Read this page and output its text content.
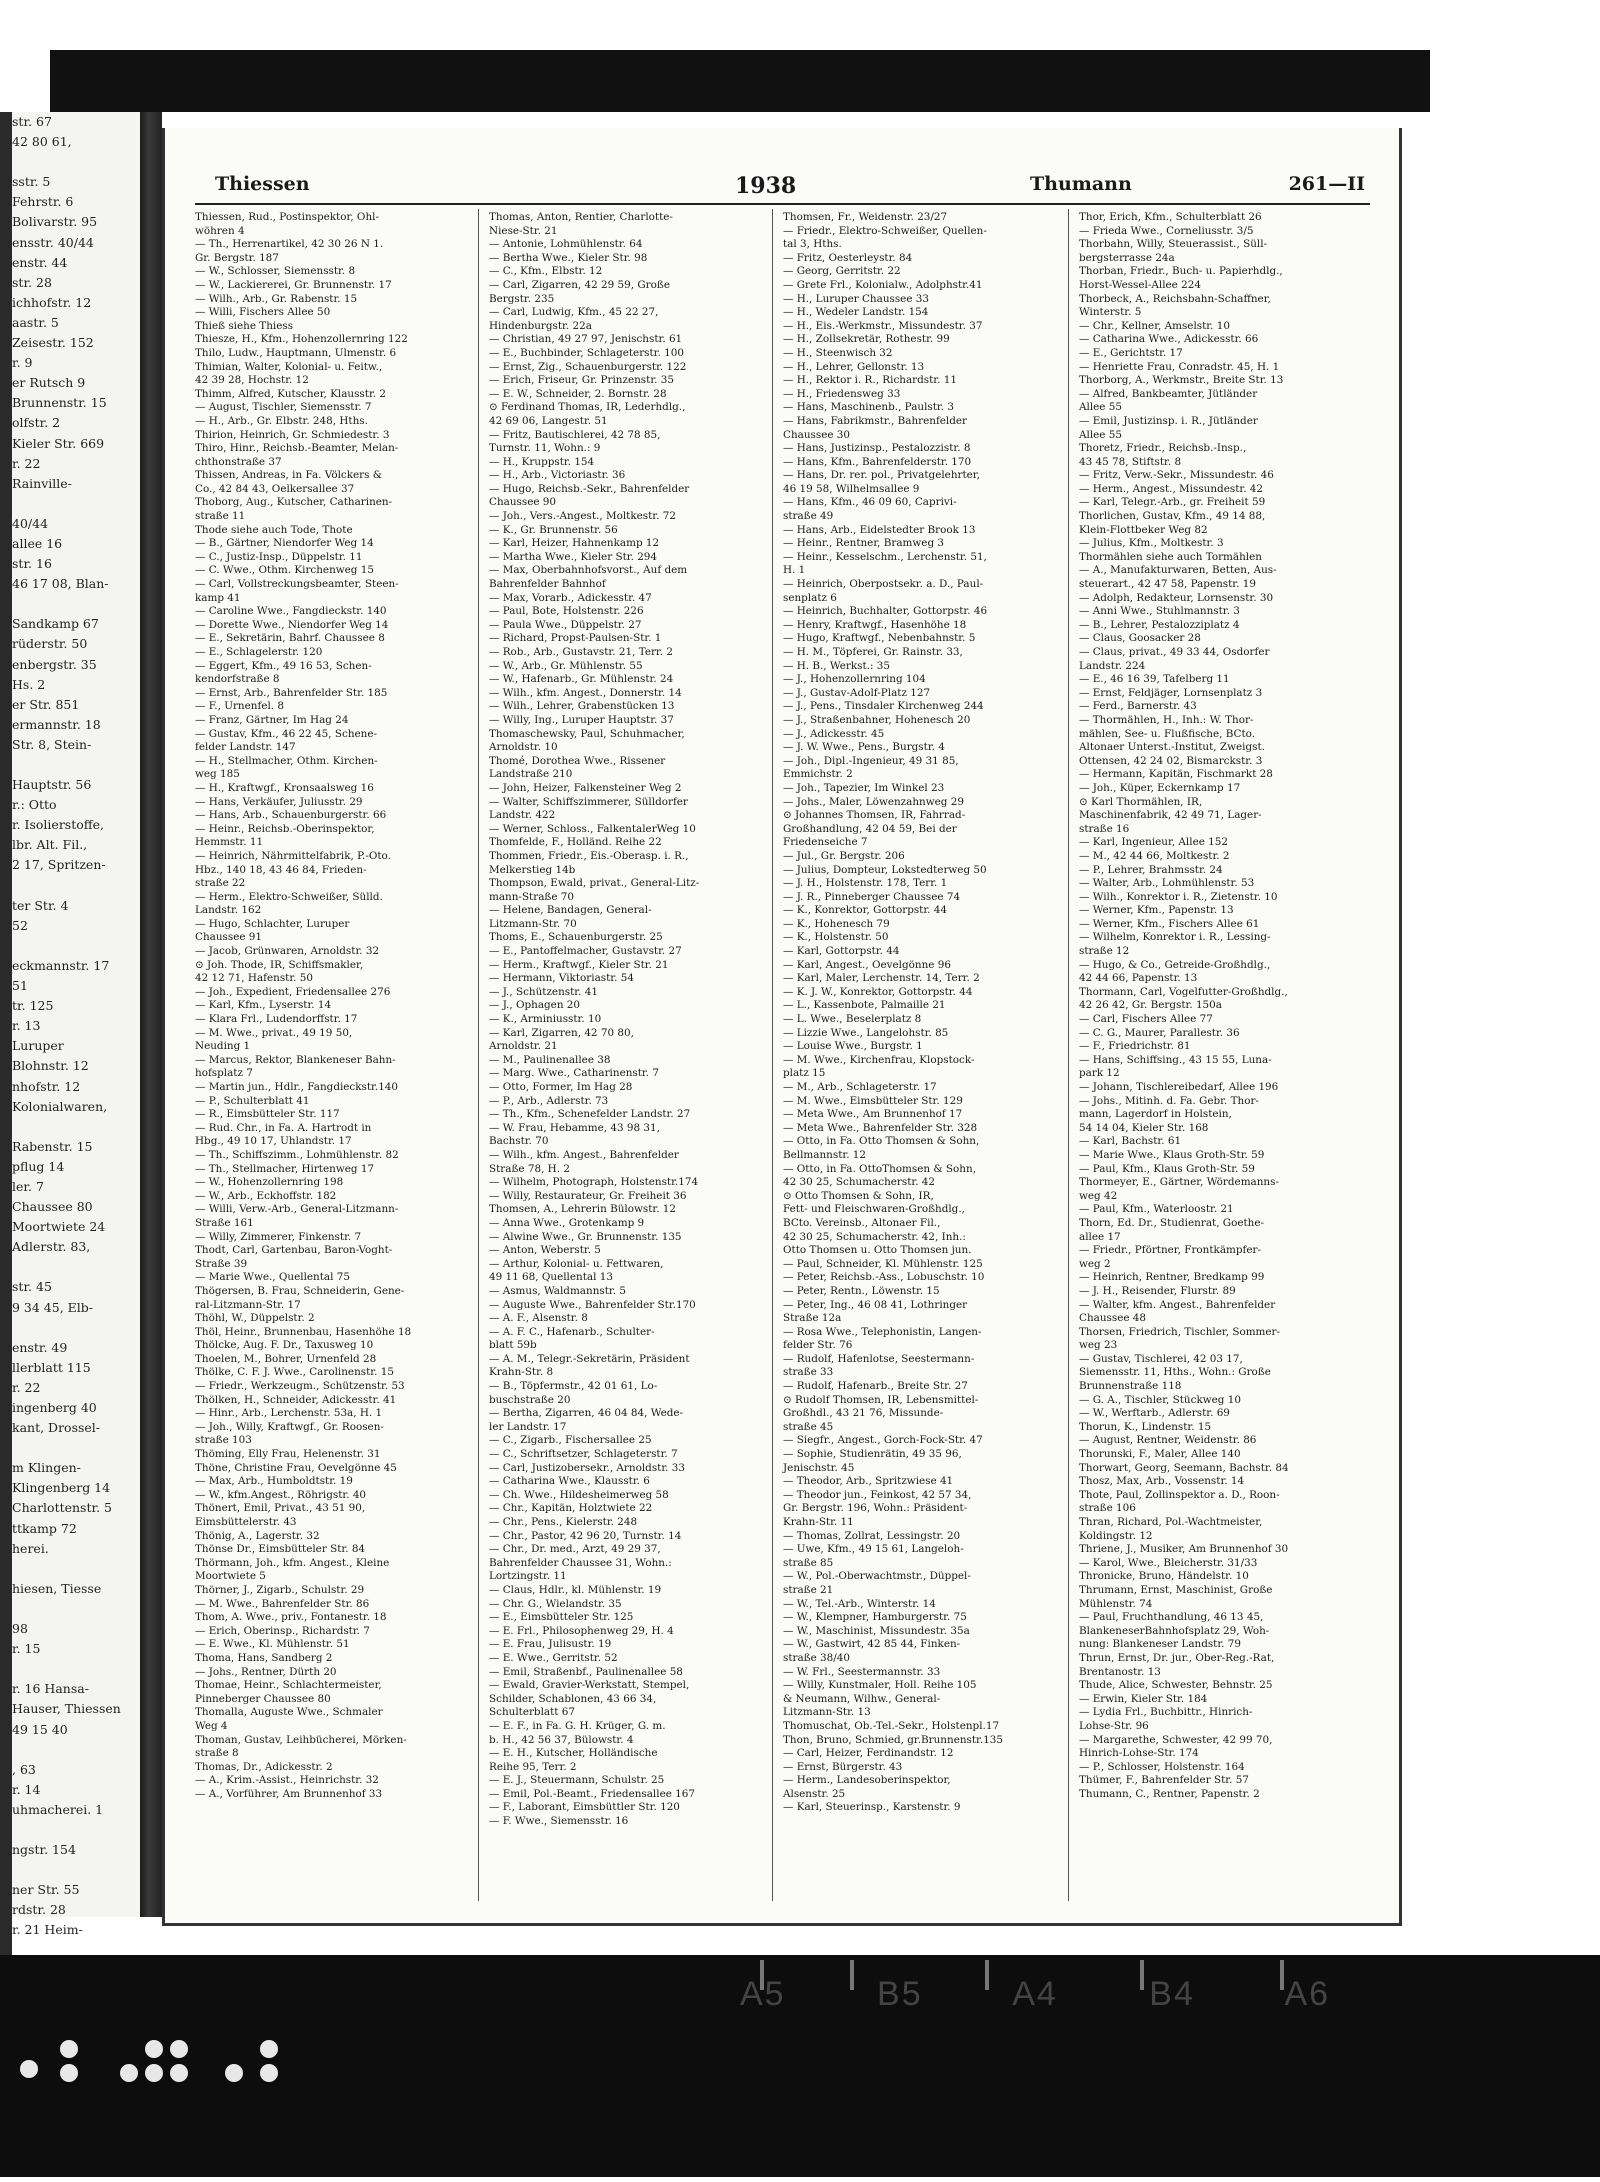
str. 67
42 80 61,

sstr. 5
Fehrstr. 6
Bolivarstr. 95
ensstr. 40/44
enstr. 44
str. 28
ichhofstr. 12
aastr. 5
Zeisestr. 152
r. 9
er Rutsch 9
Brunnenstr. 15
olfstr. 2
Kieler Str. 669
r. 22
Rainville-

40/44
allee 16
str. 16
46 17 08, Blan-

Sandkamp 67
rüderstr. 50
enbergstr. 35
Hs. 2
er Str. 851
ermannstr. 18
Str. 8, Stein-

Hauptstr. 56
r.: Otto
r. Isolierstoffe,
lbr. Alt. Fil.,
2 17, Spritzen-

ter Str. 4
52

eckmannstr. 17
51
tr. 125
r. 13
Luruper
Blohnstr. 12
nhofstr. 12
Kolonialwaren,

Rabenstr. 15
pflug 14
ler. 7
Chaussee 80
Moortwiete 24
Adlerstr. 83,

str. 45
9 34 45, Elb-

enstr. 49
llerblatt 115
r. 22
ingenberg 40
kant, Drossel-

m Klingen-
Klingenberg 14
Charlottenstr. 5
ttkamp 72
herei.

hiesen, Tiesse

98
r. 15

r. 16 Hansa-
Hauser, Thiessen
49 15 40

, 63
r. 14
uhmacherei. 1

ngstr. 154

ner Str. 55
rdstr. 28
r. 21 Heim-

Thiessen	1938	Thumann	261—II
Thiessen, Rud., Postinspektor, Ohl-
wöhren 4
— Th., Herrenartikel, 42 30 26 N 1.
Gr. Bergstr. 187
— W., Schlosser, Siemensstr. 8
— W., Lackiererei, Gr. Brunnenstr. 17
— Wilh., Arb., Gr. Rabenstr. 15
— Willi, Fischers Allee 50
Thieß siehe Thiess
Thiesze, H., Kfm., Hohenzollernring 122
Thilo, Ludw., Hauptmann, Ulmenstr. 6
Thimian, Walter, Kolonial- u. Feitw.,
42 39 28, Hochstr. 12
Thimm, Alfred, Kutscher, Klausstr. 2
— August, Tischler, Siemensstr. 7
— H., Arb., Gr. Elbstr. 248, Hths.
Thirion, Heinrich, Gr. Schmiedestr. 3
Thiro, Hinr., Reichsb.-Beamter, Melan-
chthonstraße 37
Thissen, Andreas, in Fa. Völckers &
Co., 42 84 43, Oelkersallee 37
Thoborg, Aug., Kutscher, Catharinen-
straße 11
Thode siehe auch Tode, Thote
— B., Gärtner, Niendorfer Weg 14
— C., Justiz-Insp., Düppelstr. 11
— C. Wwe., Othm. Kirchenweg 15
— Carl, Vollstreckungsbeamter, Steen-
kamp 41
— Caroline Wwe., Fangdieckstr. 140
— Dorette Wwe., Niendorfer Weg 14
— E., Sekretärin, Bahrf. Chaussee 8
— E., Schlagelerstr. 120
— Eggert, Kfm., 49 16 53, Schen-
kendorfstraße 8
— Ernst, Arb., Bahrenfelder Str. 185
— F., Urnenfel. 8
— Franz, Gärtner, Im Hag 24
— Gustav, Kfm., 46 22 45, Schene-
felder Landstr. 147
— H., Stellmacher, Othm. Kirchen-
weg 185
— H., Kraftwgf., Kronsaalsweg 16
— Hans, Verkäufer, Juliusstr. 29
— Hans, Arb., Schauenburgerstr. 66
— Heinr., Reichsb.-Oberinspektor,
Hemmstr. 11
— Heinrich, Nährmittelfabrik, P.-Oto.
Hbz., 140 18, 43 46 84, Frieden-
straße 22
— Herm., Elektro-Schweißer, Sülld.
Landstr. 162
— Hugo, Schlachter, Luruper
Chaussee 91
— Jacob, Grünwaren, Arnoldstr. 32
⊙ Joh. Thode, IR, Schiffsmakler,
42 12 71, Hafenstr. 50
— Joh., Expedient, Friedensallee 276
— Karl, Kfm., Lyserstr. 14
— Klara Frl., Ludendorffstr. 17
— M. Wwe., privat., 49 19 50,
Neuding 1
— Marcus, Rektor, Blankeneser Bahn-
hofsplatz 7
— Martin jun., Hdlr., Fangdieckstr.140
— P., Schulterblatt 41
— R., Eimsbütteler Str. 117
— Rud. Chr., in Fa. A. Hartrodt in
Hbg., 49 10 17, Uhlandstr. 17
— Th., Schiffszimm., Lohmühlenstr. 82
— Th., Stellmacher, Hirtenweg 17
— W., Hohenzollernring 198
— W., Arb., Eckhoffstr. 182
— Willi, Verw.-Arb., General-Litzmann-
Straße 161
— Willy, Zimmerer, Finkenstr. 7
Thodt, Carl, Gartenbau, Baron-Voght-
Straße 39
— Marie Wwe., Quellental 75
Thögersen, B. Frau, Schneiderin, Gene-
ral-Litzmann-Str. 17
Thöhl, W., Düppelstr. 2
Thöl, Heinr., Brunnenbau, Hasenhöhe 18
Thölcke, Aug. F. Dr., Taxusweg 10
Thoelen, M., Bohrer, Urnenfeld 28
Thölke, C. F. J. Wwe., Carolinenstr. 15
— Friedr., Werkzeugm., Schützenstr. 53
Thölken, H., Schneider, Adickesstr. 41
— Hinr., Arb., Lerchenstr. 53a, H. 1
— Joh., Willy, Kraftwgf., Gr. Roosen-
straße 103
Thöming, Elly Frau, Helenenstr. 31
Thöne, Christine Frau, Oevelgönne 45
— Max, Arb., Humboldtstr. 19
— W., kfm.Angest., Röhrigstr. 40
Thönert, Emil, Privat., 43 51 90,
Eimsbüttelerstr. 43
Thönig, A., Lagerstr. 32
Thönse Dr., Eimsbütteler Str. 84
Thörmann, Joh., kfm. Angest., Kleine
Moortwiete 5
Thörner, J., Zigarb., Schulstr. 29
— M. Wwe., Bahrenfelder Str. 86
Thom, A. Wwe., priv., Fontanestr. 18
— Erich, Oberinsp., Richardstr. 7
— E. Wwe., Kl. Mühlenstr. 51
Thoma, Hans, Sandberg 2
— Johs., Rentner, Dürth 20
Thomae, Heinr., Schlachtermeister,
Pinneberger Chaussee 80
Thomalla, Auguste Wwe., Schmaler
Weg 4
Thoman, Gustav, Leihbücherei, Mörken-
straße 8
Thomas, Dr., Adickesstr. 2
— A., Krim.-Assist., Heinrichstr. 32
— A., Vorführer, Am Brunnenhof 33
Thomas, Anton, Rentier, Charlotte-
Niese-Str. 21
— Antonie, Lohmühlenstr. 64
— Bertha Wwe., Kieler Str. 98
— C., Kfm., Elbstr. 12
— Carl, Zigarren, 42 29 59, Große
Bergstr. 235
— Carl, Ludwig, Kfm., 45 22 27,
Hindenburgstr. 22a
— Christian, 49 27 97, Jenischstr. 61
— E., Buchbinder, Schlageterstr. 100
— Ernst, Zig., Schauenburgerstr. 122
— Erich, Friseur, Gr. Prinzenstr. 35
— E. W., Schneider, 2. Bornstr. 28
⊙ Ferdinand Thomas, IR, Lederhdlg.,
42 69 06, Langestr. 51
— Fritz, Bautischlerei, 42 78 85,
Turnstr. 11, Wohn.: 9
— H., Kruppstr. 154
— H., Arb., Victoriastr. 36
— Hugo, Reichsb.-Sekr., Bahrenfelder
Chaussee 90
— Joh., Vers.-Angest., Moltkestr. 72
— K., Gr. Brunnenstr. 56
— Karl, Heizer, Hahnenkamp 12
— Martha Wwe., Kieler Str. 294
— Max, Oberbahnhofsvorst., Auf dem
Bahrenfelder Bahnhof
— Max, Vorarb., Adickesstr. 47
— Paul, Bote, Holstenstr. 226
— Paula Wwe., Düppelstr. 27
— Richard, Propst-Paulsen-Str. 1
— Rob., Arb., Gustavstr. 21, Terr. 2
— W., Arb., Gr. Mühlenstr. 55
— W., Hafenarb., Gr. Mühlenstr. 24
— Wilh., kfm. Angest., Donnerstr. 14
— Wilh., Lehrer, Grabenstücken 13
— Willy, Ing., Luruper Hauptstr. 37
Thomaschewsky, Paul, Schuhmacher,
Arnoldstr. 10
Thomé, Dorothea Wwe., Rissener
Landstraße 210
— John, Heizer, Falkensteiner Weg 2
— Walter, Schiffszimmerer, Sülldorfer
Landstr. 422
— Werner, Schloss., FalkentalerWeg 10
Thomfelde, F., Holländ. Reihe 22
Thommen, Friedr., Eis.-Oberasp. i. R.,
Melkerstieg 14b
Thompson, Ewald, privat., General-Litz-
mann-Straße 70
— Helene, Bandagen, General-
Litzmann-Str. 70
Thoms, E., Schauenburgerstr. 25
— E., Pantoffelmacher, Gustavstr. 27
— Herm., Kraftwgf., Kieler Str. 21
— Hermann, Viktoriastr. 54
— J., Schützenstr. 41
— J., Ophagen 20
— K., Arminiusstr. 10
— Karl, Zigarren, 42 70 80,
Arnoldstr. 21
— M., Paulinenallee 38
— Marg. Wwe., Catharinenstr. 7
— Otto, Former, Im Hag 28
— P., Arb., Adlerstr. 73
— Th., Kfm., Schenefelder Landstr. 27
— W. Frau, Hebamme, 43 98 31,
Bachstr. 70
— Wilh., kfm. Angest., Bahrenfelder
Straße 78, H. 2
— Wilhelm, Photograph, Holstenstr.174
— Willy, Restaurateur, Gr. Freiheit 36
Thomsen, A., Lehrerin Bülowstr. 12
— Anna Wwe., Grotenkamp 9
— Alwine Wwe., Gr. Brunnenstr. 135
— Anton, Weberstr. 5
— Arthur, Kolonial- u. Fettwaren,
49 11 68, Quellental 13
— Asmus, Waldmannstr. 5
— Auguste Wwe., Bahrenfelder Str.170
— A. F., Alsenstr. 8
— A. F. C., Hafenarb., Schulter-
blatt 59b
— A. M., Telegr.-Sekretärin, Präsident
Krahn-Str. 8
— B., Töpfermstr., 42 01 61, Lo-
buschstraße 20
— Bertha, Zigarren, 46 04 84, Wede-
ler Landstr. 17
— C., Zigarb., Fischersallee 25
— C., Schriftsetzer, Schlageterstr. 7
— Carl, Justizobersekr., Arnoldstr. 33
— Catharina Wwe., Klausstr. 6
— Ch. Wwe., Hildesheimerweg 58
— Chr., Kapitän, Holztwiete 22
— Chr., Pens., Kielerstr. 248
— Chr., Pastor, 42 96 20, Turnstr. 14
— Chr., Dr. med., Arzt, 49 29 37,
Bahrenfelder Chaussee 31, Wohn.:
Lortzingstr. 11
— Claus, Hdlr., kl. Mühlenstr. 19
— Chr. G., Wielandstr. 35
— E., Eimsbütteler Str. 125
— E. Frl., Philosophenweg 29, H. 4
— E. Frau, Julisustr. 19
— E. Wwe., Gerritstr. 52
— Emil, Straßenbf., Paulinenallee 58
— Ewald, Gravier-Werkstatt, Stempel,
Schilder, Schablonen, 43 66 34,
Schulterblatt 67
— E. F., in Fa. G. H. Krüger, G. m.
b. H., 42 56 37, Bülowstr. 4
— E. H., Kutscher, Holländische
Reihe 95, Terr. 2
— E. J., Steuermann, Schulstr. 25
— Emil, Pol.-Beamt., Friedensallee 167
— F., Laborant, Eimsbüttler Str. 120
— F. Wwe., Siemensstr. 16
Thomsen, Fr., Weidenstr. 23/27
— Friedr., Elektro-Schweißer, Quellen-
tal 3, Hths.
— Fritz, Oesterleystr. 84
— Georg, Gerritstr. 22
— Grete Frl., Kolonialw., Adolphstr.41
— H., Luruper Chaussee 33
— H., Wedeler Landstr. 154
— H., Eis.-Werkmstr., Missundestr. 37
— H., Zollsekretär, Rothestr. 99
— H., Steenwisch 32
— H., Lehrer, Gellonstr. 13
— H., Rektor i. R., Richardstr. 11
— H., Friedensweg 33
— Hans, Maschinenb., Paulstr. 3
— Hans, Fabrikmstr., Bahrenfelder
Chaussee 30
— Hans, Justizinsp., Pestalozzistr. 8
— Hans, Kfm., Bahrenfelderstr. 170
— Hans, Dr. rer. pol., Privatgelehrter,
46 19 58, Wilhelmsallee 9
— Hans, Kfm., 46 09 60, Caprivi-
straße 49
— Hans, Arb., Eidelstedter Brook 13
— Heinr., Rentner, Bramweg 3
— Heinr., Kesselschm., Lerchenstr. 51,
H. 1
— Heinrich, Oberpostsekr. a. D., Paul-
senplatz 6
— Heinrich, Buchhalter, Gottorpstr. 46
— Henry, Kraftwgf., Hasenhöhe 18
— Hugo, Kraftwgf., Nebenbahnstr. 5
— H. M., Töpferei, Gr. Rainstr. 33,
— H. B., Werkst.: 35
— J., Hohenzollernring 104
— J., Gustav-Adolf-Platz 127
— J., Pens., Tinsdaler Kirchenweg 244
— J., Straßenbahner, Hohenesch 20
— J., Adickesstr. 45
— J. W. Wwe., Pens., Burgstr. 4
— Joh., Dipl.-Ingenieur, 49 31 85,
Emmichstr. 2
— Joh., Tapezier, Im Winkel 23
— Johs., Maler, Löwenzahnweg 29
⊙ Johannes Thomsen, IR, Fahrrad-
Großhandlung, 42 04 59, Bei der
Friedenseiche 7
— Jul., Gr. Bergstr. 206
— Julius, Dompteur, Lokstedterweg 50
— J. H., Holstenstr. 178, Terr. 1
— J. R., Pinneberger Chaussee 74
— K., Konrektor, Gottorpstr. 44
— K., Hohenesch 79
— K., Holstenstr. 50
— Karl, Gottorpstr. 44
— Karl, Angest., Oevelgönne 96
— Karl, Maler, Lerchenstr. 14, Terr. 2
— K. J. W., Konrektor, Gottorpstr. 44
— L., Kassenbote, Palmaille 21
— L. Wwe., Beselerplatz 8
— Lizzie Wwe., Langelohstr. 85
— Louise Wwe., Burgstr. 1
— M. Wwe., Kirchenfrau, Klopstock-
platz 15
— M., Arb., Schlageterstr. 17
— M. Wwe., Eimsbütteler Str. 129
— Meta Wwe., Am Brunnenhof 17
— Meta Wwe., Bahrenfelder Str. 328
— Otto, in Fa. Otto Thomsen & Sohn,
Bellmannstr. 12
— Otto, in Fa. OttoThomsen & Sohn,
42 30 25, Schumacherstr. 42
⊙ Otto Thomsen & Sohn, IR,
Fett- und Fleischwaren-Großhdlg.,
BCto. Vereinsb., Altonaer Fil.,
42 30 25, Schumacherstr. 42, Inh.:
Otto Thomsen u. Otto Thomsen jun.
— Paul, Schneider, Kl. Mühlenstr. 125
— Peter, Reichsb.-Ass., Lobuschstr. 10
— Peter, Rentn., Löwenstr. 15
— Peter, Ing., 46 08 41, Lothringer
Straße 12a
— Rosa Wwe., Telephonistin, Langen-
felder Str. 76
— Rudolf, Hafenlotse, Seestermann-
straße 33
— Rudolf, Hafenarb., Breite Str. 27
⊙ Rudolf Thomsen, IR, Lebensmittel-
Großhdl., 43 21 76, Missunde-
straße 45
— Siegfr., Angest., Gorch-Fock-Str. 47
— Sophie, Studienrätin, 49 35 96,
Jenischstr. 45
— Theodor, Arb., Spritzwiese 41
— Theodor jun., Feinkost, 42 57 34,
Gr. Bergstr. 196, Wohn.: Präsident-
Krahn-Str. 11
— Thomas, Zollrat, Lessingstr. 20
— Uwe, Kfm., 49 15 61, Langeloh-
straße 85
— W., Pol.-Oberwachtmstr., Düppel-
straße 21
— W., Tel.-Arb., Winterstr. 14
— W., Klempner, Hamburgerstr. 75
— W., Maschinist, Missundestr. 35a
— W., Gastwirt, 42 85 44, Finken-
straße 38/40
— W. Frl., Seestermannstr. 33
— Willy, Kunstmaler, Holl. Reihe 105
& Neumann, Wilhw., General-
Litzmann-Str. 13
Thomuschat, Ob.-Tel.-Sekr., Holstenpl.17
Thon, Bruno, Schmied, gr.Brunnenstr.135
— Carl, Heizer, Ferdinandstr. 12
— Ernst, Bürgerstr. 43
— Herm., Landesoberinspektor,
Alsenstr. 25
— Karl, Steuerinsp., Karstenstr. 9
Thor, Erich, Kfm., Schulterblatt 26
— Frieda Wwe., Corneliusstr. 3/5
Thorbahn, Willy, Steuerassist., Süll-
bergsterrasse 24a
Thorban, Friedr., Buch- u. Papierhdlg.,
Horst-Wessel-Allee 224
Thorbeck, A., Reichsbahn-Schaffner,
Winterstr. 5
— Chr., Kellner, Amselstr. 10
— Catharina Wwe., Adickesstr. 66
— E., Gerichtstr. 17
— Henriette Frau, Conradstr. 45, H. 1
Thorborg, A., Werkmstr., Breite Str. 13
— Alfred, Bankbeamter, Jütländer
Allee 55
— Emil, Justizinsp. i. R., Jütländer
Allee 55
Thoretz, Friedr., Reichsb.-Insp.,
43 45 78, Stiftstr. 8
— Fritz, Verw.-Sekr., Missundestr. 46
— Herm., Angest., Missundestr. 42
— Karl, Telegr.-Arb., gr. Freiheit 59
Thorlichen, Gustav, Kfm., 49 14 88,
Klein-Flottbeker Weg 82
— Julius, Kfm., Moltkestr. 3
Thormählen siehe auch Tormählen
— A., Manufakturwaren, Betten, Aus-
steuerart., 42 47 58, Papenstr. 19
— Adolph, Redakteur, Lornsenstr. 30
— Anni Wwe., Stuhlmannstr. 3
— B., Lehrer, Pestalozziplatz 4
— Claus, Goosacker 28
— Claus, privat., 49 33 44, Osdorfer
Landstr. 224
— E., 46 16 39, Tafelberg 11
— Ernst, Feldjäger, Lornsenplatz 3
— Ferd., Barnerstr. 43
— Thormählen, H., Inh.: W. Thor-
mählen, See- u. Flußfische, BCto.
Altonaer Unterst.-Institut, Zweigst.
Ottensen, 42 24 02, Bismarckstr. 3
— Hermann, Kapitän, Fischmarkt 28
— Joh., Küper, Eckernkamp 17
⊙ Karl Thormählen, IR,
Maschinenfabrik, 42 49 71, Lager-
straße 16
— Karl, Ingenieur, Allee 152
— M., 42 44 66, Moltkestr. 2
— P., Lehrer, Brahmsstr. 24
— Walter, Arb., Lohmühlenstr. 53
— Wilh., Konrektor i. R., Zietenstr. 10
— Werner, Kfm., Papenstr. 13
— Werner, Kfm., Fischers Allee 61
— Wilhelm, Konrektor i. R., Lessing-
straße 12
— Hugo, & Co., Getreide-Großhdlg.,
42 44 66, Papenstr. 13
Thormann, Carl, Vogelfutter-Großhdlg.,
42 26 42, Gr. Bergstr. 150a
— Carl, Fischers Allee 77
— C. G., Maurer, Parallestr. 36
— F., Friedrichstr. 81
— Hans, Schiffsing., 43 15 55, Luna-
park 12
— Johann, Tischlereibedarf, Allee 196
— Johs., Mitinh. d. Fa. Gebr. Thor-
mann, Lagerdorf in Holstein,
54 14 04, Kieler Str. 168
— Karl, Bachstr. 61
— Marie Wwe., Klaus Groth-Str. 59
— Paul, Kfm., Klaus Groth-Str. 59
Thormeyer, E., Gärtner, Wördemanns-
weg 42
— Paul, Kfm., Waterloostr. 21
Thorn, Ed. Dr., Studienrat, Goethe-
allee 17
— Friedr., Pförtner, Frontkämpfer-
weg 2
— Heinrich, Rentner, Bredkamp 99
— J. H., Reisender, Flurstr. 89
— Walter, kfm. Angest., Bahrenfelder
Chaussee 48
Thorsen, Friedrich, Tischler, Sommer-
weg 23
— Gustav, Tischlerei, 42 03 17,
Siemensstr. 11, Hths., Wohn.: Große
Brunnenstraße 118
— G. A., Tischler, Stückweg 10
— W., Werftarb., Adlerstr. 69
Thorun, K., Lindenstr. 15
— August, Rentner, Weidenstr. 86
Thorunski, F., Maler, Allee 140
Thorwart, Georg, Seemann, Bachstr. 84
Thosz, Max, Arb., Vossenstr. 14
Thote, Paul, Zollinspektor a. D., Roon-
straße 106
Thran, Richard, Pol.-Wachtmeister,
Koldingstr. 12
Thriene, J., Musiker, Am Brunnenhof 30
— Karol, Wwe., Bleicherstr. 31/33
Thronicke, Bruno, Händelstr. 10
Thrumann, Ernst, Maschinist, Große
Mühlenstr. 74
— Paul, Fruchthandlung, 46 13 45,
BlankeneserBahnhofsplatz 29, Woh-
nung: Blankeneser Landstr. 79
Thrun, Ernst, Dr. jur., Ober-Reg.-Rat,
Brentanostr. 13
Thude, Alice, Schwester, Behnstr. 25
— Erwin, Kieler Str. 184
— Lydia Frl., Buchbittr., Hinrich-
Lohse-Str. 96
— Margarethe, Schwester, 42 99 70,
Hinrich-Lohse-Str. 174
— P., Schlosser, Holstenstr. 164
Thümer, F., Bahrenfelder Str. 57
Thumann, C., Rentner, Papenstr. 2
A5	B5	A4	B4	A6
